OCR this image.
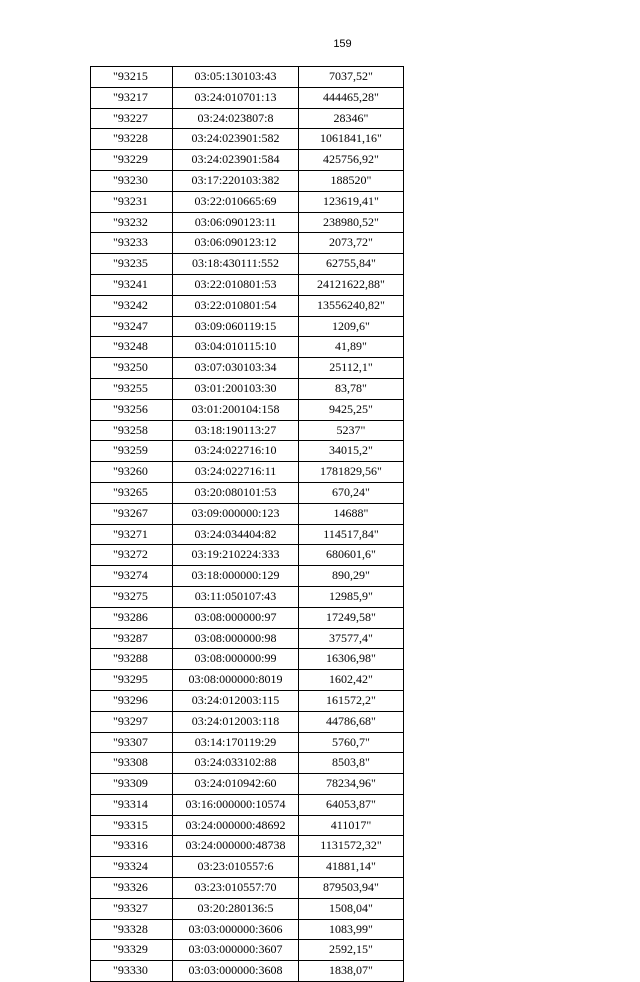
159
"93215	03:05:130103:43	7037,52"
"93217	03:24:010701:13	444465,28"
"93227	03:24:023807:8	28346"
"93228	03:24:023901:582	1061841,16"
"93229	03:24:023901:584	425756,92"
"93230	03:17:220103:382	188520"
"93231	03:22:010665:69	123619,41"
"93232	03:06:090123:11	238980,52"
"93233	03:06:090123:12	2073,72"
"93235	03:18:430111:552	62755,84"
"93241	03:22:010801:53	24121622,88"
"93242	03:22:010801:54	13556240,82"
"93247	03:09:060119:15	1209,6"
"93248	03:04:010115:10	41,89"
"93250	03:07:030103:34	25112,1"
"93255	03:01:200103:30	83,78"
"93256	03:01:200104:158	9425,25"
"93258	03:18:190113:27	5237"
"93259	03:24:022716:10	34015,2"
"93260	03:24:022716:11	1781829,56"
"93265	03:20:080101:53	670,24"
"93267	03:09:000000:123	14688"
"93271	03:24:034404:82	114517,84"
"93272	03:19:210224:333	680601,6"
"93274	03:18:000000:129	890,29"
"93275	03:11:050107:43	12985,9"
"93286	03:08:000000:97	17249,58"
"93287	03:08:000000:98	37577,4"
"93288	03:08:000000:99	16306,98"
"93295	03:08:000000:8019	1602,42"
"93296	03:24:012003:115	161572,2"
"93297	03:24:012003:118	44786,68"
"93307	03:14:170119:29	5760,7"
"93308	03:24:033102:88	8503,8"
"93309	03:24:010942:60	78234,96"
"93314	03:16:000000:10574	64053,87"
"93315	03:24:000000:48692	411017"
"93316	03:24:000000:48738	1131572,32"
"93324	03:23:010557:6	41881,14"
"93326	03:23:010557:70	879503,94"
"93327	03:20:280136:5	1508,04"
"93328	03:03:000000:3606	1083,99"
"93329	03:03:000000:3607	2592,15"
"93330	03:03:000000:3608	1838,07"
